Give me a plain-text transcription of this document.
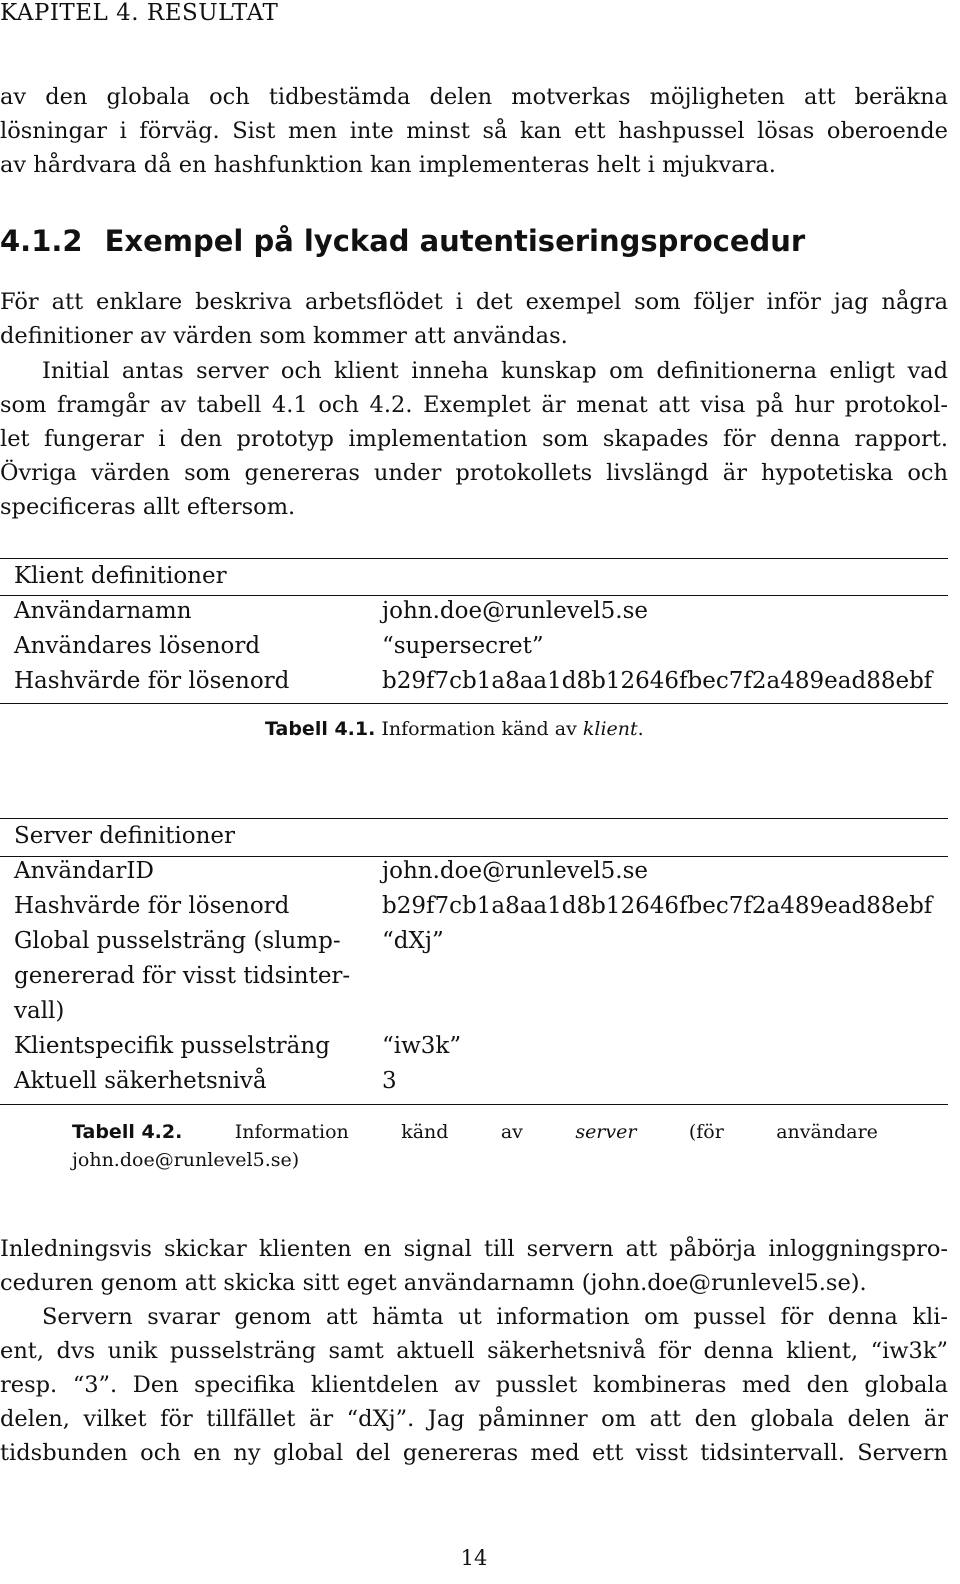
KAPITEL 4. RESULTAT
av den globala och tidbestämda delen motverkas möjligheten att beräkna
lösningar i förväg. Sist men inte minst så kan ett hashpussel lösas oberoende
av hårdvara då en hashfunktion kan implementeras helt i mjukvara.
4.1.2 Exempel på lyckad autentiseringsprocedur
För att enklare beskriva arbetsflödet i det exempel som följer inför jag några
definitioner av värden som kommer att användas.
Initial antas server och klient inneha kunskap om definitionerna enligt vad
som framgår av tabell 4.1 och 4.2. Exemplet är menat att visa på hur protokol-
let fungerar i den prototyp implementation som skapades för denna rapport.
Övriga värden som genereras under protokollets livslängd är hypotetiska och
specificeras allt eftersom.
Klient definitioner	
Användarnamn	john.doe@runlevel5.se
Användares lösenord	“supersecret”
Hashvärde för lösenord	b29f7cb1a8aa1d8b12646fbec7f2a489ead88ebf
Tabell 4.1. Information känd av klient.
Server definitioner	
AnvändarID	john.doe@runlevel5.se
Hashvärde för lösenord	b29f7cb1a8aa1d8b12646fbec7f2a489ead88ebf

Global pusselsträng (slump-
genererad för visst tidsinter-
vall)	“dXj”
Klientspecifik pusselsträng	“iw3k”
Aktuell säkerhetsnivå	3
Tabell 4.2.	Information	känd	av	server	(för	användare
john.doe@runlevel5.se)
Inledningsvis skickar klienten en signal till servern att påbörja inloggningspro-
ceduren genom att skicka sitt eget användarnamn (john.doe@runlevel5.se).
Servern svarar genom att hämta ut information om pussel för denna kli-
ent, dvs unik pusselsträng samt aktuell säkerhetsnivå för denna klient, “iw3k”
resp. “3”. Den specifika klientdelen av pusslet kombineras med den globala
delen, vilket för tillfället är “dXj”. Jag påminner om att den globala delen är
tidsbunden och en ny global del genereras med ett visst tidsintervall. Servern
14
